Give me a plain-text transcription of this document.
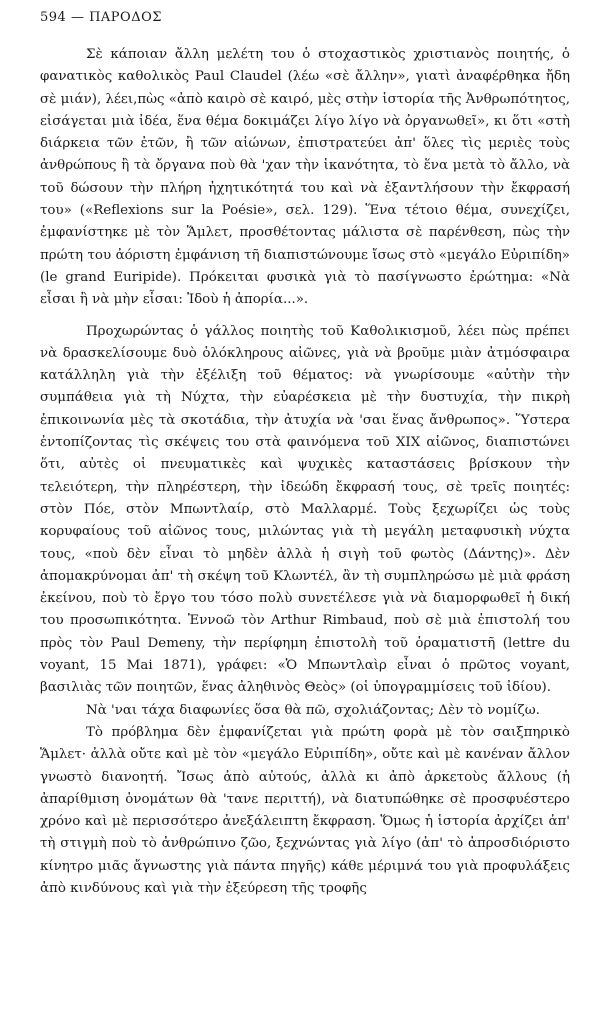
594 — ΠΑΡΟΔΟΣ

Σὲ κάποιαν ἄλλη μελέτη του ὁ στοχαστικὸς χριστιανὸς ποιητής, ὁ φανατικὸς καθολικὸς Paul Claudel (λέω «σὲ ἄλλην», γιατὶ ἀναφέρθηκα ἤδη σὲ μιάν), λέει,πὼς «ἀπὸ καιρὸ σὲ καιρό, μὲς στὴν ἱστορία τῆς Ἀνθρωπότητος, εἰσάγεται μιὰ ἰδέα, ἕνα θέμα δοκιμάζει λίγο λίγο νὰ ὀργανωθεῖ», κι ὅτι «στὴ διάρκεια τῶν ἐτῶν, ἢ τῶν αἰώνων, ἐπιστρατεύει ἀπ' ὅλες τὶς μεριὲς τοὺς ἀνθρώπους ἢ τὰ ὄργανα ποὺ θὰ 'χαν τὴν ἱκανότητα, τὸ ἕνα μετὰ τὸ ἄλλο, νὰ τοῦ δώσουν τὴν πλήρη ἠχητικότητά του καὶ νὰ ἐξαντλήσουν τὴν ἔκφρασή του» («Reflexions sur la Poésie», σελ. 129). Ἕνα τέτοιο θέμα, συνεχίζει, ἐμφανίστηκε μὲ τὸν Ἅμλετ, προσθέτοντας μάλιστα σὲ παρένθεση, πὼς τὴν πρώτη του ἀόριστη ἐμφάνιση τῆ διαπιστώνουμε ἴσως στὸ «μεγάλο Εὐριπίδη» (le grand Euripide). Πρόκειται φυσικὰ γιὰ τὸ πασίγνωστο ἐρώτημα: «Νὰ εἶσαι ἢ νὰ μὴν εἶσαι: Ἰδοὺ ἡ ἀπορία...».

Προχωρώντας ὁ γάλλος ποιητὴς τοῦ Καθολικισμοῦ, λέει πὼς πρέπει νὰ δρασκελίσουμε δυὸ ὁλόκληρους αἰῶνες, γιὰ νὰ βροῦμε μιὰν ἀτμόσφαιρα κατάλληλη γιὰ τὴν ἐξέλιξη τοῦ θέματος: νὰ γνωρίσουμε «αὐτὴν τὴν συμπάθεια γιὰ τὴ Νύχτα, τὴν εὐαρέσκεια μὲ τὴν δυστυχία, τὴν πικρὴ ἐπικοινωνία μὲς τὰ σκοτάδια, τὴν ἀτυχία νὰ 'σαι ἕνας ἄνθρωπος». Ὕστερα ἐντοπίζοντας τὶς σκέψεις του στὰ φαινόμενα τοῦ XIX αἰῶνος, διαπιστώνει ὅτι, αὐτὲς οἱ πνευματικὲς καὶ ψυχικὲς καταστάσεις βρίσκουν τὴν τελειότερη, τὴν πληρέστερη, τὴν ἰδεώδη ἔκφρασή τους, σὲ τρεῖς ποιητές: στὸν Πόε, στὸν Μπωντλαίρ, στὸ Μαλλαρμέ. Τοὺς ξεχωρίζει ὡς τοὺς κορυφαίους τοῦ αἰῶνος τους, μιλώντας γιὰ τὴ μεγάλη μεταφυσικὴ νύχτα τους, «ποὺ δὲν εἶναι τὸ μηδὲν ἀλλὰ ἡ σιγὴ τοῦ φωτὸς (Δάντης)». Δὲν ἀπομακρύνομαι ἀπ' τὴ σκέψη τοῦ Κλωντέλ, ἂν τὴ συμπληρώσω μὲ μιὰ φράση ἐκείνου, ποὺ τὸ ἔργο του τόσο πολὺ συνετέλεσε γιὰ νὰ διαμορφωθεῖ ἡ δική του προσωπικότητα. Ἐννοῶ τὸν Arthur Rimbaud, ποὺ σὲ μιὰ ἐπιστολή του πρὸς τὸν Paul Demeny, τὴν περίφημη ἐπιστολὴ τοῦ ὁραματιστῆ (lettre du voyant, 15 Mai 1871), γράφει: «Ὁ Μπωντλαὶρ εἶναι ὁ πρῶτος voyant, βασιλιὰς τῶν ποιητῶν, ἕνας ἀληθινὸς Θεὸς» (οἱ ὑπογραμμίσεις τοῦ ἰδίου).

Νὰ 'ναι τάχα διαφωνίες ὅσα θὰ πῶ, σχολιάζοντας; Δὲν τὸ νομίζω.

Τὸ πρόβλημα δὲν ἐμφανίζεται γιὰ πρώτη φορὰ μὲ τὸν σαιξπηρικὸ Ἅμλετ· ἀλλὰ οὔτε καὶ μὲ τὸν «μεγάλο Εὐριπίδη», οὔτε καὶ μὲ κανέναν ἄλλον γνωστὸ διανοητή. Ἴσως ἀπὸ αὐτούς, ἀλλὰ κι ἀπὸ ἀρκετοὺς ἄλλους (ἡ ἀπαρίθμιση ὀνομάτων θὰ 'τανε περιττή), νὰ διατυπώθηκε σὲ προσφυέστερο χρόνο καὶ μὲ περισσότερο ἀνεξάλειπτη ἔκφραση. Ὅμως ἡ ἱστορία ἀρχίζει ἀπ' τὴ στιγμὴ ποὺ τὸ ἀνθρώπινο ζῶο, ξεχνώντας γιὰ λίγο (ἀπ' τὸ ἀπροσδιόριστο κίνητρο μιᾶς ἄγνωστης γιὰ πάντα πηγῆς) κάθε μέριμνά του γιὰ προφυλάξεις ἀπὸ κινδύνους καὶ γιὰ τὴν ἐξεύρεση τῆς τροφῆς
